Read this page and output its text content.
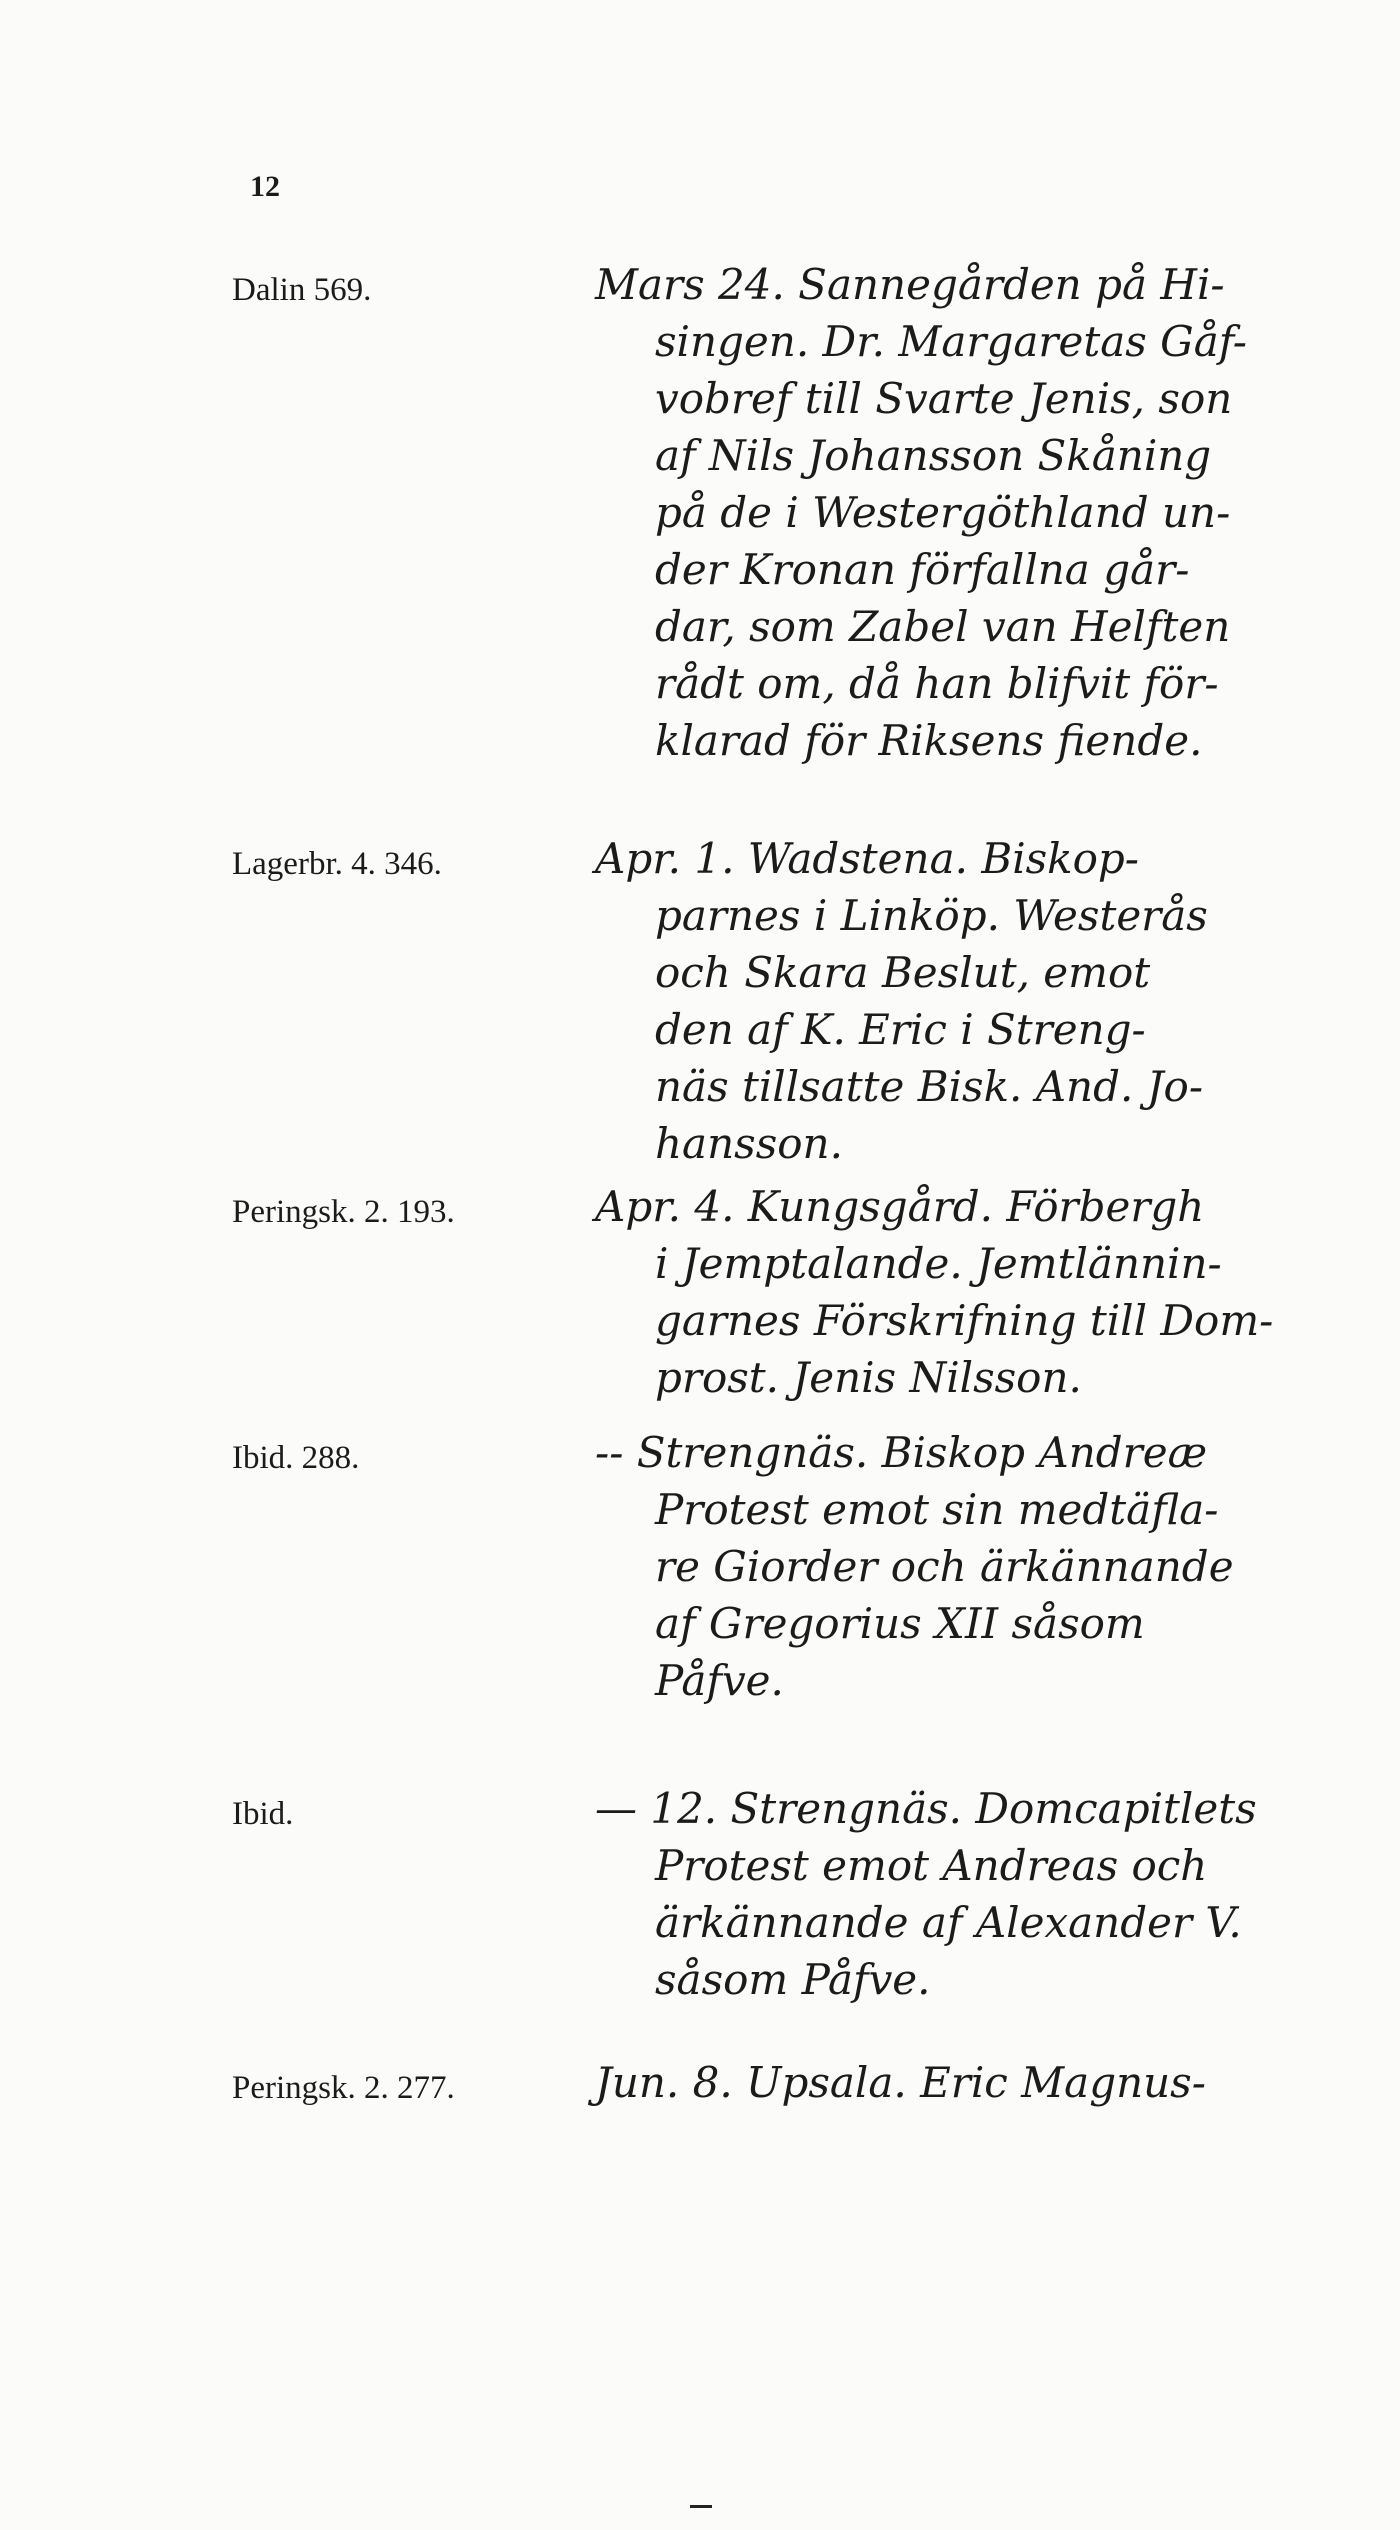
12
Dalin 569.	Mars 24. Sannegården på Hi-
singen. Dr. Margaretas Gåf-
vobref till Svarte Jenis, son
af Nils Johansson Skåning
på de i Westergöthland un-
der Kronan förfallna går-
dar, som Zabel van Helften
rådt om, då han blifvit för-
klarad för Riksens fiende.
Lagerbr. 4. 346.	Apr. 1. Wadstena. Biskop-
parnes i Linköp. Westerås
och Skara Beslut, emot
den af K. Eric i Streng-
näs tillsatte Bisk. And. Jo-
hansson.
Peringsk. 2. 193.	Apr. 4. Kungsgård. Förbergh
i Jemptalande. Jemtlännin-
garnes Förskrifning till Dom-
prost. Jenis Nilsson.
Ibid. 288.	-- Strengnäs. Biskop Andreæ
Protest emot sin medtäfla-
re Giorder och ärkännande
af Gregorius XII såsom
Påfve.
Ibid.	— 12. Strengnäs. Domcapitlets
Protest emot Andreas och
ärkännande af Alexander V.
såsom Påfve.
Peringsk. 2. 277.	Jun. 8. Upsala. Eric Magnus-
